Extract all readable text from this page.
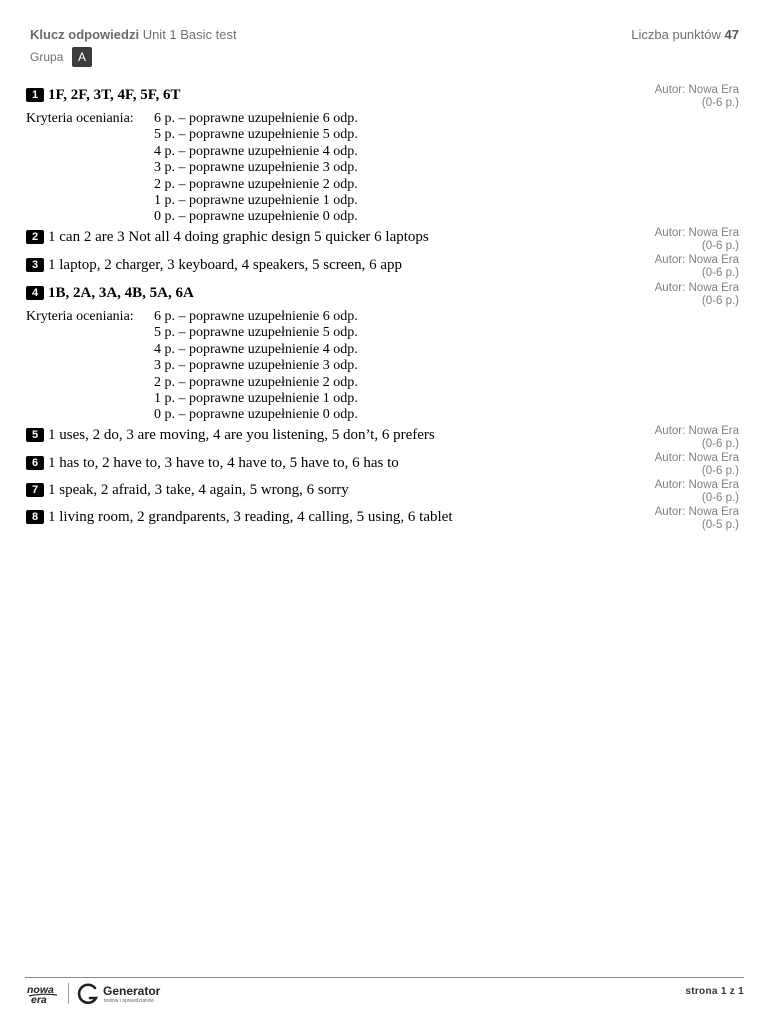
Klucz odpowiedzi Unit 1 Basic test	Liczba punktów 47
Grupa	A
1 1F, 2F, 3T, 4F, 5F, 6T	Autor: Nowa Era
(0-6 p.)
Kryteria oceniania: 6 p. – poprawne uzupełnienie 6 odp.
5 p. – poprawne uzupełnienie 5 odp.
4 p. – poprawne uzupełnienie 4 odp.
3 p. – poprawne uzupełnienie 3 odp.
2 p. – poprawne uzupełnienie 2 odp.
1 p. – poprawne uzupełnienie 1 odp.
0 p. – poprawne uzupełnienie 0 odp.
2 1 can 2 are 3 Not all 4 doing graphic design 5 quicker 6 laptops	Autor: Nowa Era
(0-6 p.)
3 1 laptop, 2 charger, 3 keyboard, 4 speakers, 5 screen, 6 app	Autor: Nowa Era
(0-6 p.)
4 1B, 2A, 3A, 4B, 5A, 6A	Autor: Nowa Era
(0-6 p.)
Kryteria oceniania: 6 p. – poprawne uzupełnienie 6 odp.
5 p. – poprawne uzupełnienie 5 odp.
4 p. – poprawne uzupełnienie 4 odp.
3 p. – poprawne uzupełnienie 3 odp.
2 p. – poprawne uzupełnienie 2 odp.
1 p. – poprawne uzupełnienie 1 odp.
0 p. – poprawne uzupełnienie 0 odp.
5 1 uses, 2 do, 3 are moving, 4 are you listening, 5 don’t, 6 prefers	Autor: Nowa Era
(0-6 p.)
6 1 has to, 2 have to, 3 have to, 4 have to, 5 have to, 6 has to	Autor: Nowa Era
(0-6 p.)
7 1 speak, 2 afraid, 3 take, 4 again, 5 wrong, 6 sorry	Autor: Nowa Era
(0-6 p.)
8 1 living room, 2 grandparents, 3 reading, 4 calling, 5 using, 6 tablet	Autor: Nowa Era
(0-5 p.)
nowa
era
Generator
testów i sprawdzianów
strona 1 z 1
